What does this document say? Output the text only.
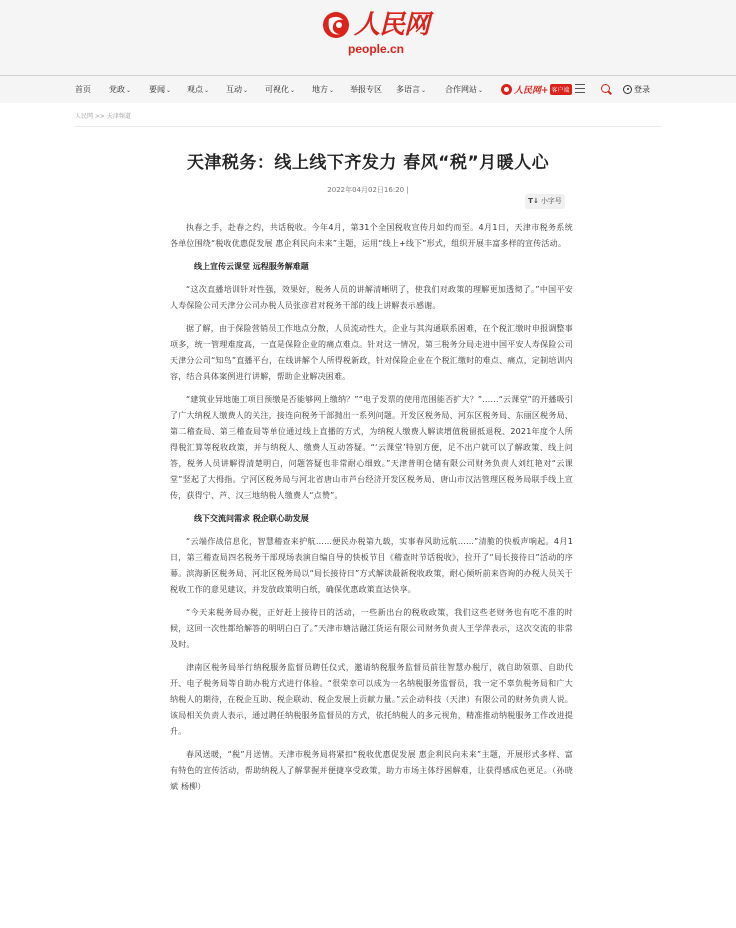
人民网
people.cn
首页 党政⌄ 要闻⌄ 观点⌄ 互动⌄ 可视化⌄ 地方⌄ 举报专区 多语言⌄ 合作网站⌄	人民网+ 客户端	登录
人民网 >> 天津频道
天津税务：线上线下齐发力 春风“税”月暖人心
2022年04月02日16:20 |
T↓ 小字号

执春之手，赴春之约，共话税收。今年4月，第31个全国税收宣传月如约而至。4月1日，天津市税务系统各单位围绕“税收优惠促发展 惠企利民向未来”主题，运用“线上+线下”形式，组织开展丰富多样的宣传活动。

线上宣传云课堂 远程服务解难题

“这次直播培训针对性强，效果好，税务人员的讲解清晰明了，使我们对政策的理解更加透彻了。”中国平安人寿保险公司天津分公司办税人员张彦君对税务干部的线上讲解表示感谢。

据了解，由于保险营销员工作地点分散，人员流动性大，企业与其沟通联系困难，在个税汇缴时申报调整事项多，统一管理难度高，一直是保险企业的痛点难点。针对这一情况，第三税务分局走进中国平安人寿保险公司天津分公司“知鸟”直播平台，在线讲解个人所得税新政，针对保险企业在个税汇缴时的难点、痛点，定制培训内容，结合具体案例进行讲解，帮助企业解决困难。

“建筑业异地施工项目预缴是否能够网上缴纳？”“电子发票的使用范围能否扩大？”......“云课堂”的开播吸引了广大纳税人缴费人的关注，接连向税务干部抛出一系列问题。开发区税务局、河东区税务局、东丽区税务局、第二稽查局、第三稽查局等单位通过线上直播的方式，为纳税人缴费人解读增值税留抵退税、2021年度个人所得税汇算等税收政策，并与纳税人、缴费人互动答疑。“‘云课堂’特别方便，足不出户就可以了解政策、线上问答，税务人员讲解得清楚明白，问题答疑也非常耐心细致。”天津普明仓储有限公司财务负责人刘红艳对“云课堂”竖起了大拇指。宁河区税务局与河北省唐山市芦台经济开发区税务局、唐山市汉沽管理区税务局联手线上宣传，获得宁、芦、汉三地纳税人缴费人“点赞”。

线下交流问需求 税企联心助发展

“云端作战信息化，智慧稽查来护航……便民办税第九载，实事春风助远航……”清脆的快板声响起。4月1日，第三稽查局四名税务干部现场表演自编自导的快板节目《稽查时节话税收》，拉开了“局长接待日”活动的序幕。滨海新区税务局、河北区税务局以“局长接待日”方式解读最新税收政策，耐心倾听前来咨询的办税人员关于税收工作的意见建议，并发放政策明白纸，确保优惠政策直达快享。

“今天来税务局办税，正好赶上接待日的活动，一些新出台的税收政策，我们这些老财务也有吃不准的时候，这回一次性都给解答的明明白白了。”天津市塘沽融江货运有限公司财务负责人王学萍表示，这次交流的非常及时。

津南区税务局举行纳税服务监督员聘任仪式，邀请纳税服务监督员前往智慧办税厅，就自助领票、自助代开、电子税务局等自助办税方式进行体验。“很荣幸可以成为一名纳税服务监督员，我一定不辜负税务局和广大纳税人的期待，在税企互助、税企联动、税企发展上贡献力量。”云企动科技（天津）有限公司的财务负责人说。该局相关负责人表示，通过聘任纳税服务监督员的方式，依托纳税人的多元视角，精准推动纳税服务工作改进提升。

春风送暖，“税”月送情。天津市税务局将紧扣“税收优惠促发展 惠企利民向未来”主题，开展形式多样、富有特色的宣传活动，帮助纳税人了解掌握并便捷享受政策，助力市场主体纾困解难，让获得感成色更足。（孙晓斌 杨柳）
